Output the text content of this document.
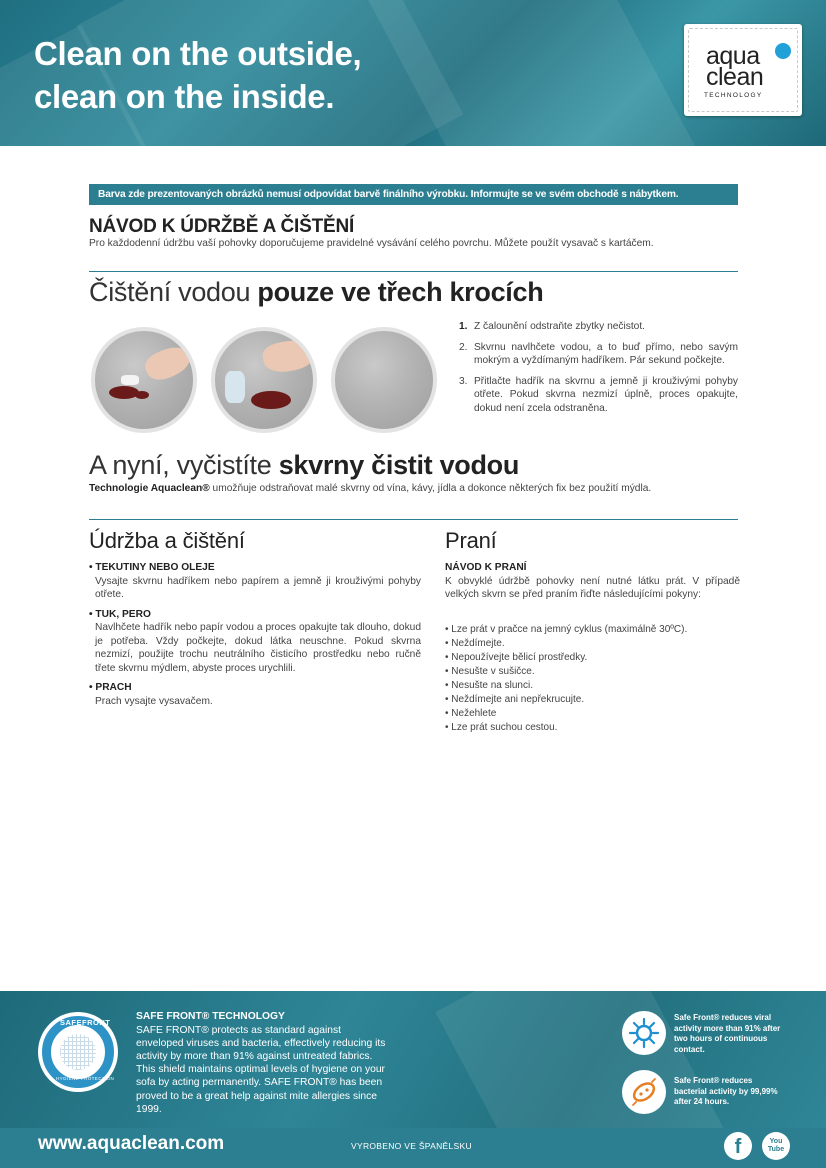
Clean on the outside,
clean on the inside.
aqua
clean
TECHNOLOGY
Barva zde prezentovaných obrázků nemusí odpovídat barvě finálního výrobku. Informujte se ve svém obchodě s nábytkem.
NÁVOD K ÚDRŽBĚ A ČIŠTĚNÍ
Pro každodenní údržbu vaší pohovky doporučujeme pravidelné vysávání celého povrchu. Můžete použít vysavač s kartáčem.
Čištění vodou pouze ve třech krocích
1. Z čalounění odstraňte zbytky nečistot.
2. Skvrnu navlhčete vodou, a to buď přímo, nebo savým mokrým a vyždímaným hadříkem. Pár sekund počkejte.
3. Přitlačte hadřík na skvrnu a jemně ji krouživými pohyby otřete. Pokud skvrna nezmizí úplně, proces opakujte, dokud není zcela odstraněna.
A nyní, vyčistíte skvrny čistit vodou
Technologie Aquaclean® umožňuje odstraňovat malé skvrny od vína, kávy, jídla a dokonce některých fix bez použití mýdla.
Údržba a čištění
• TEKUTINY NEBO OLEJE
Vysajte skvrnu hadříkem nebo papírem a jemně ji krouživými pohyby otřete.
• TUK, PERO
Navlhčete hadřík nebo papír vodou a proces opakujte tak dlouho, dokud je potřeba. Vždy počkejte, dokud látka neuschne. Pokud skvrna nezmizí, použijte trochu neutrálního čisticího prostředku nebo ručně třete skvrnu mýdlem, abyste proces urychlili.
• PRACH
Prach vysajte vysavačem.
Praní
NÁVOD K PRANÍ
K obvyklé údržbě pohovky není nutné látku prát. V případě velkých skvrn se před praním řiďte následujícími pokyny:
• Lze prát v pračce na jemný cyklus (maximálně 30ºC).
• Neždímejte.
• Nepoužívejte bělicí prostředky.
• Nesušte v sušičce.
• Nesušte na slunci.
• Neždímejte ani nepřekrucujte.
• Nežehlete
• Lze prát suchou cestou.
SAFEFRONT
HYGIENE PROTECTION
SAFE FRONT® TECHNOLOGY
SAFE FRONT® protects as standard against enveloped viruses and bacteria, effectively reducing its activity by more than 91% against untreated fabrics. This shield maintains optimal levels of hygiene on your sofa by acting permanently. SAFE FRONT® has been proved to be a great help against mite allergies since 1999.
Safe Front® reduces viral activity more than 91% after two hours of continuous contact.
Safe Front® reduces bacterial activity by 99,99% after 24 hours.
www.aquaclean.com	VYROBENO VE ŠPANĚLSKU	f	You
Tube
